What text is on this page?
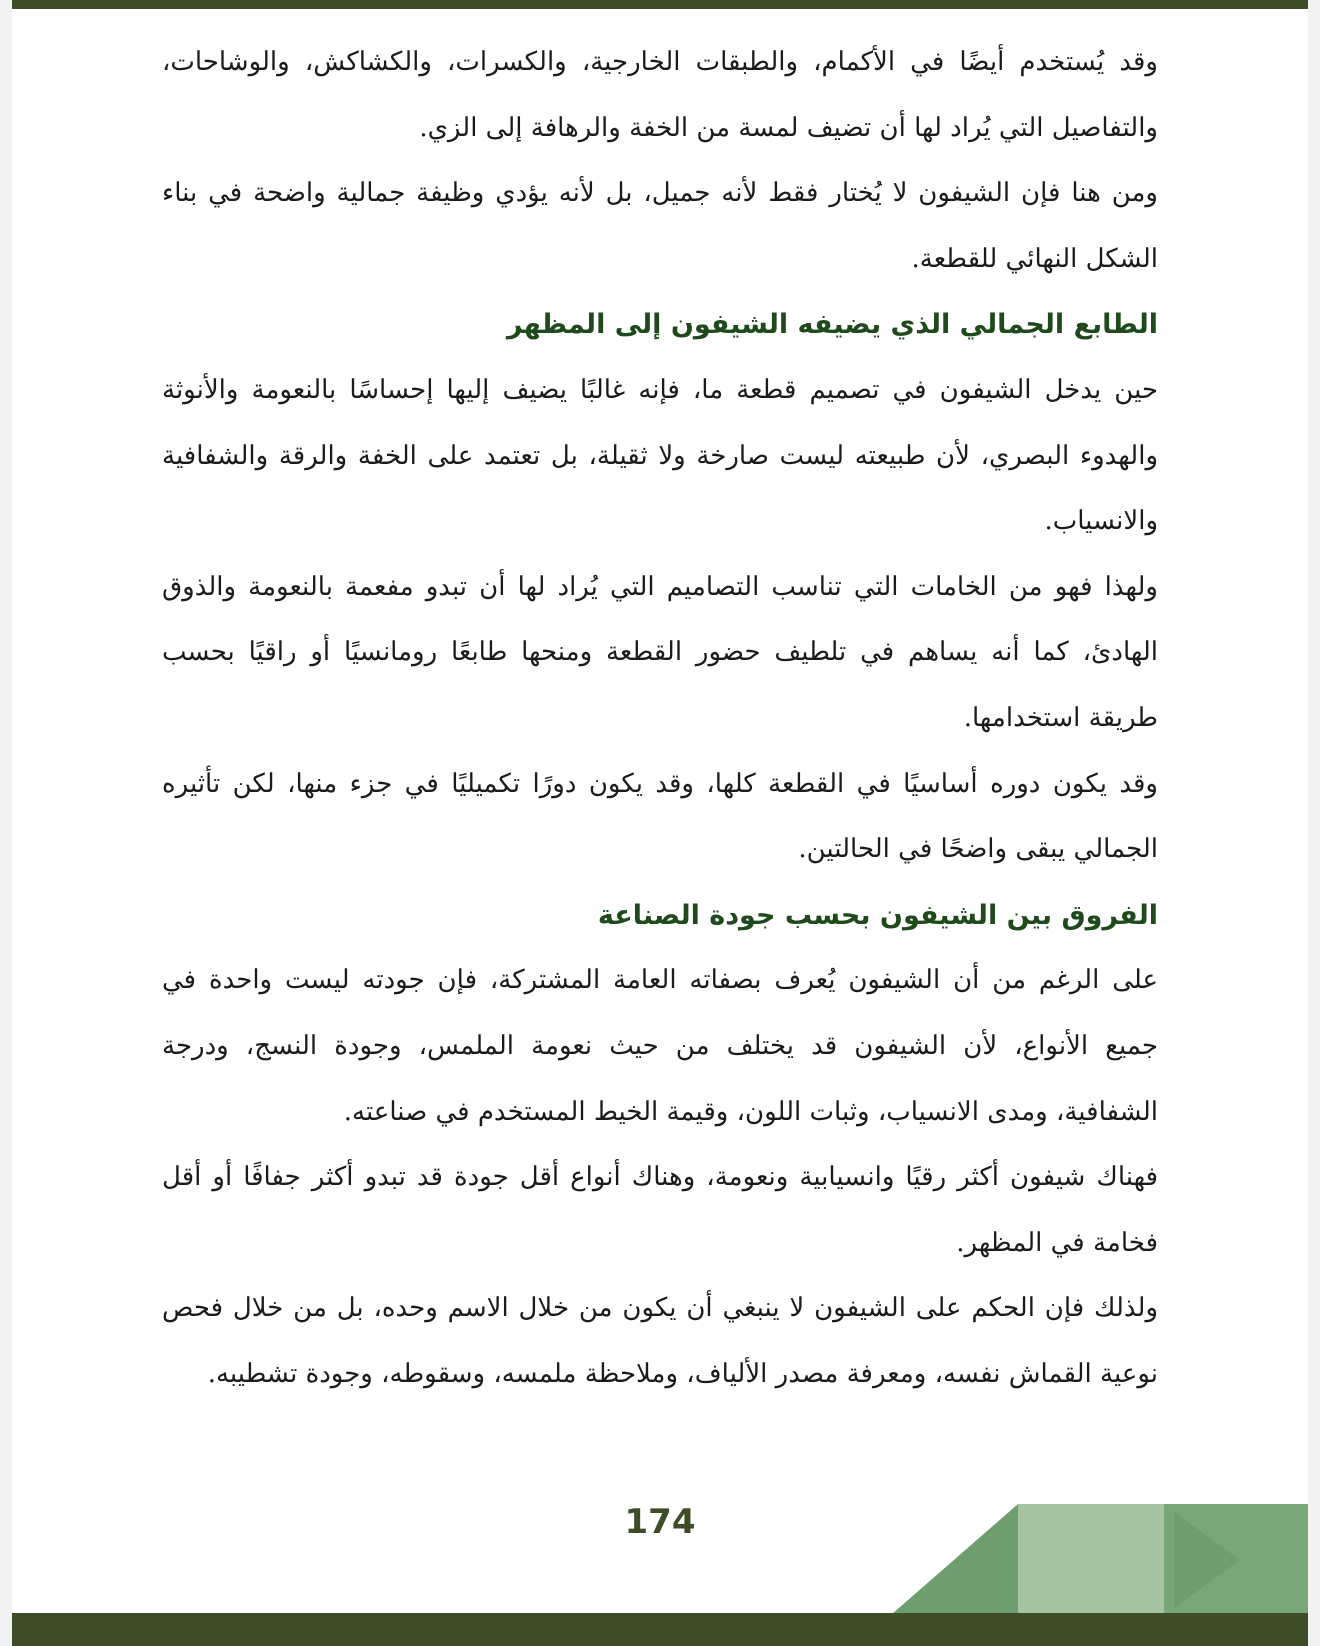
وقد يُستخدم أيضًا في الأكمام، والطبقات الخارجية، والكسرات، والكشاكش، والوشاحات، والتفاصيل التي يُراد لها أن تضيف لمسة من الخفة والرهافة إلى الزي.

ومن هنا فإن الشيفون لا يُختار فقط لأنه جميل، بل لأنه يؤدي وظيفة جمالية واضحة في بناء الشكل النهائي للقطعة.

الطابع الجمالي الذي يضيفه الشيفون إلى المظهر

حين يدخل الشيفون في تصميم قطعة ما، فإنه غالبًا يضيف إليها إحساسًا بالنعومة والأنوثة والهدوء البصري، لأن طبيعته ليست صارخة ولا ثقيلة، بل تعتمد على الخفة والرقة والشفافية والانسياب.

ولهذا فهو من الخامات التي تناسب التصاميم التي يُراد لها أن تبدو مفعمة بالنعومة والذوق الهادئ، كما أنه يساهم في تلطيف حضور القطعة ومنحها طابعًا رومانسيًا أو راقيًا بحسب طريقة استخدامها.

وقد يكون دوره أساسيًا في القطعة كلها، وقد يكون دورًا تكميليًا في جزء منها، لكن تأثيره الجمالي يبقى واضحًا في الحالتين.

الفروق بين الشيفون بحسب جودة الصناعة

على الرغم من أن الشيفون يُعرف بصفاته العامة المشتركة، فإن جودته ليست واحدة في جميع الأنواع، لأن الشيفون قد يختلف من حيث نعومة الملمس، وجودة النسج، ودرجة الشفافية، ومدى الانسياب، وثبات اللون، وقيمة الخيط المستخدم في صناعته.

فهناك شيفون أكثر رقيًا وانسيابية ونعومة، وهناك أنواع أقل جودة قد تبدو أكثر جفافًا أو أقل فخامة في المظهر.

ولذلك فإن الحكم على الشيفون لا ينبغي أن يكون من خلال الاسم وحده، بل من خلال فحص نوعية القماش نفسه، ومعرفة مصدر الألياف، وملاحظة ملمسه، وسقوطه، وجودة تشطيبه.

174
